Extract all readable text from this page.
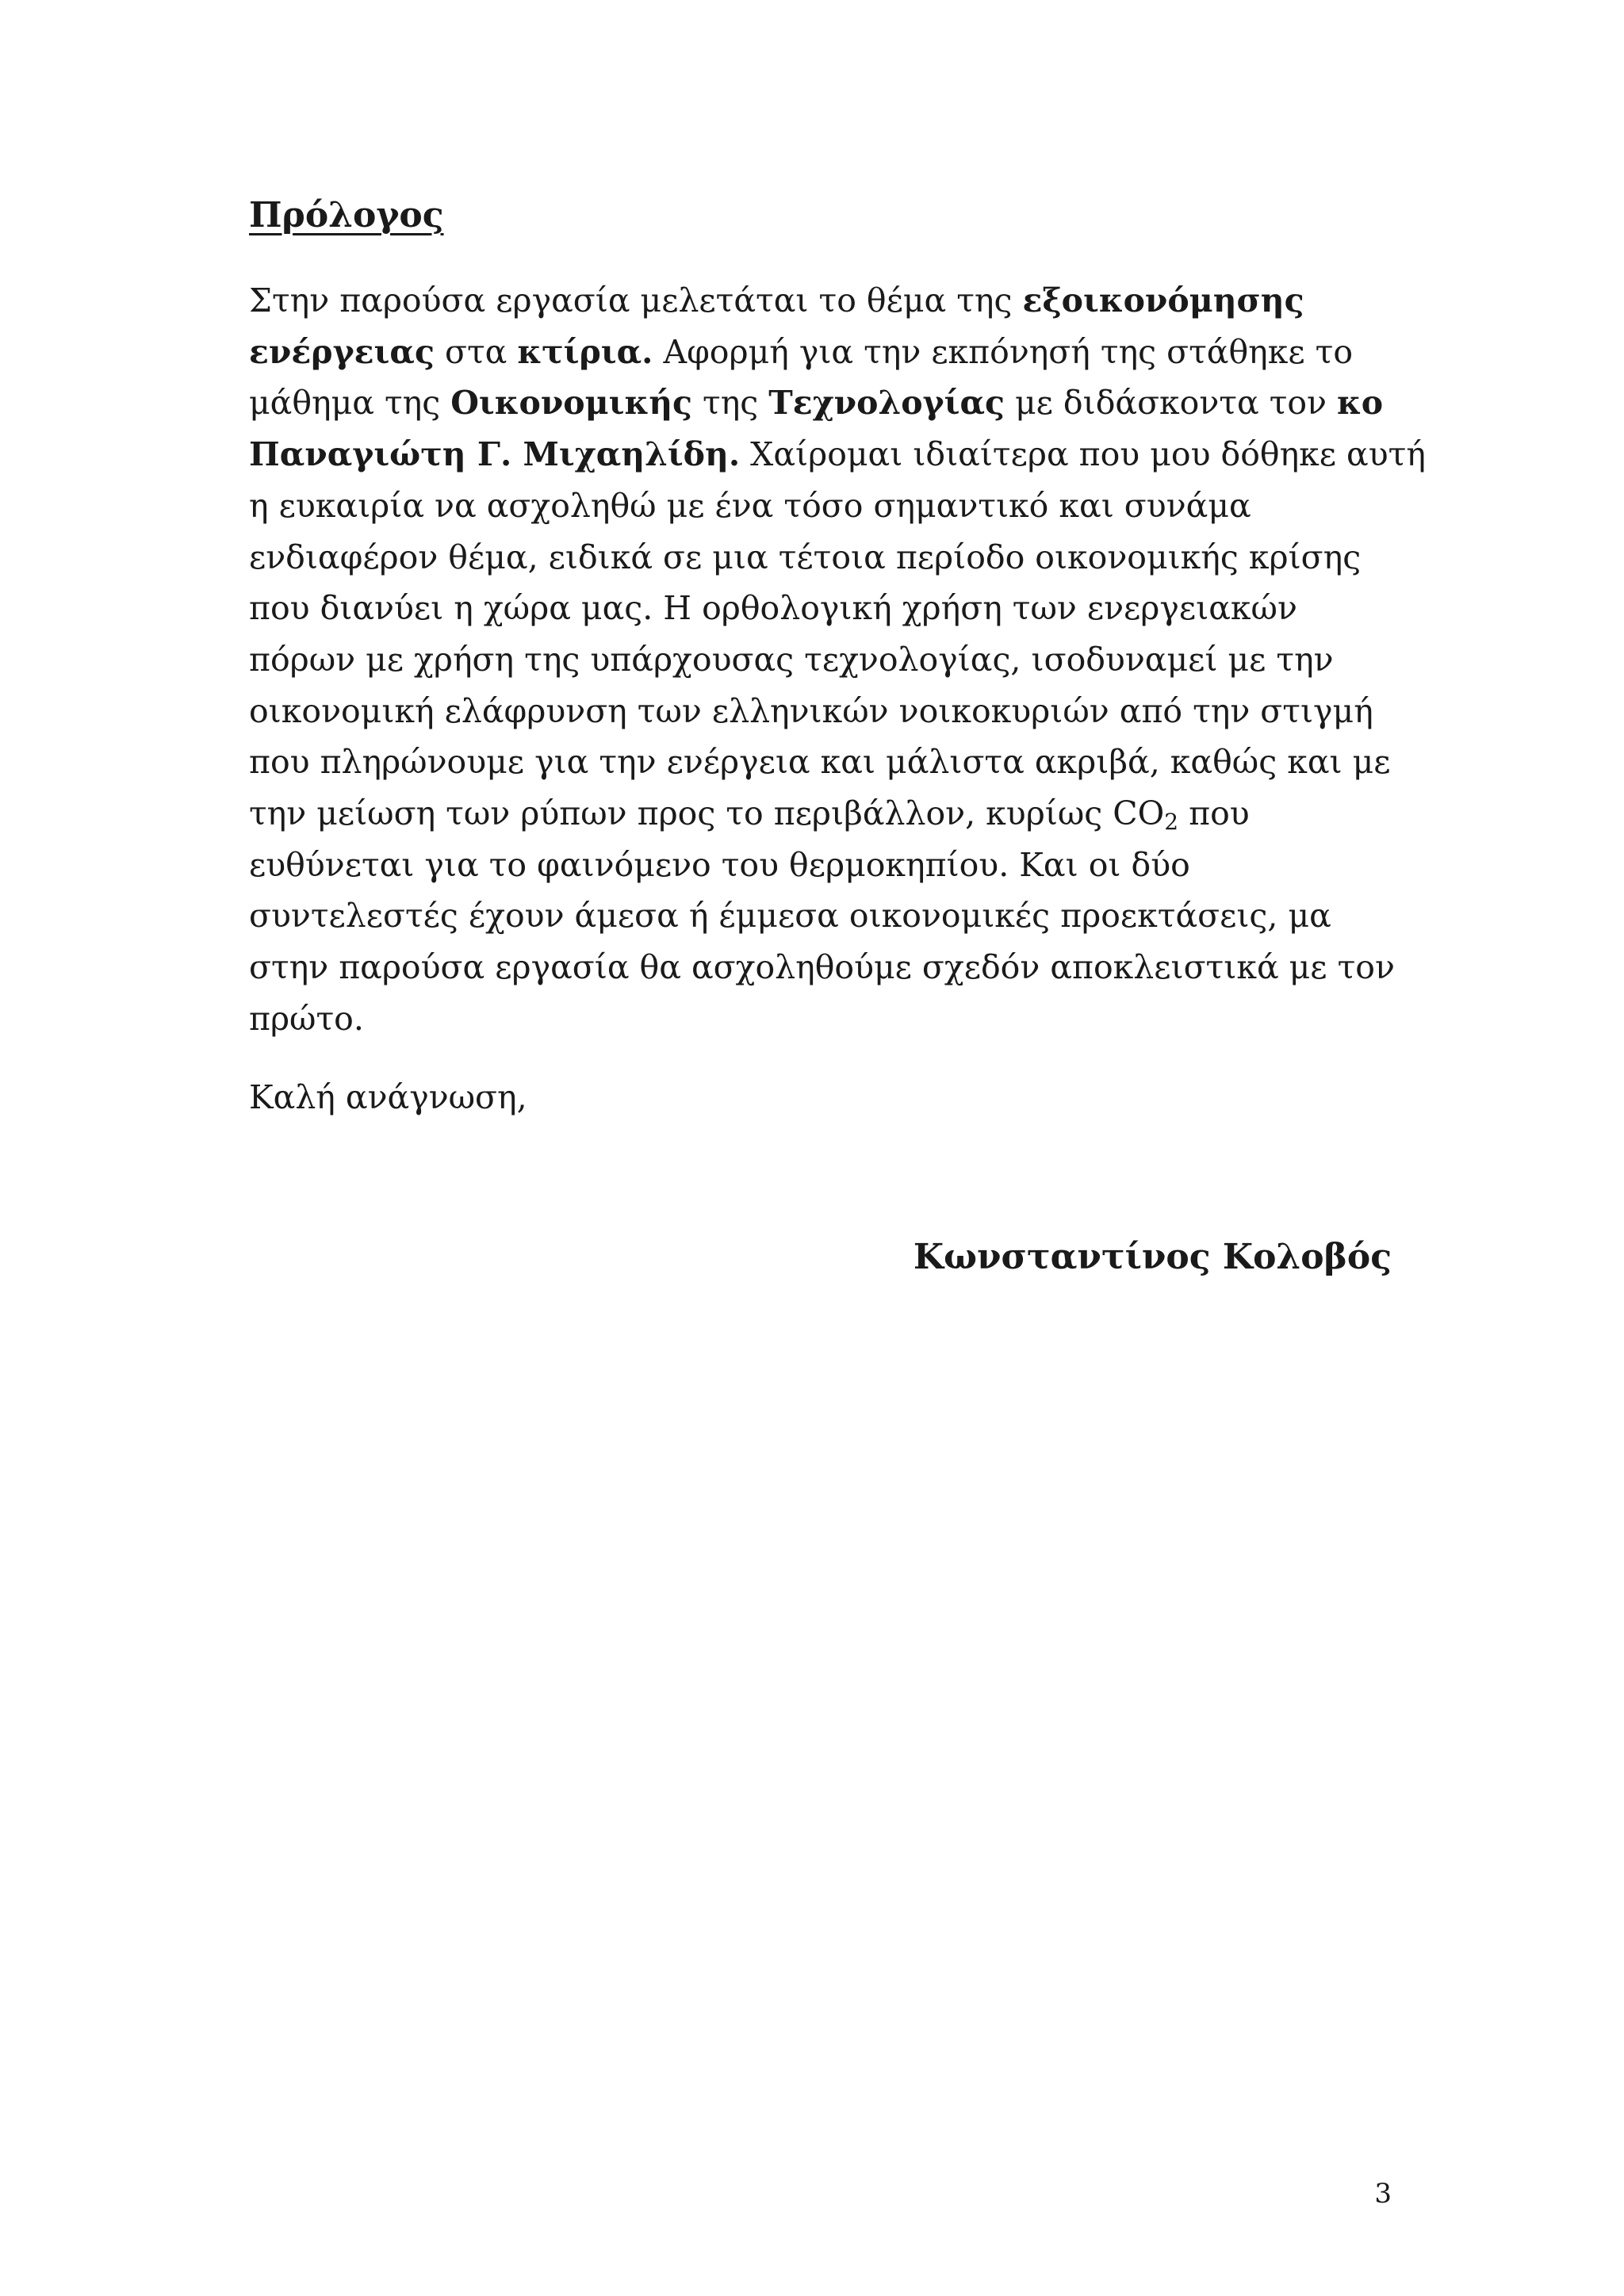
Πρόλογος

Στην παρούσα εργασία μελετάται το θέμα της εξοικονόμησης
ενέργειας στα κτίρια. Αφορμή για την εκπόνησή της στάθηκε το
μάθημα της Οικονομικής της Τεχνολογίας με διδάσκοντα τον κο
Παναγιώτη Γ. Μιχαηλίδη. Χαίρομαι ιδιαίτερα που μου δόθηκε αυτή
η ευκαιρία να ασχοληθώ με ένα τόσο σημαντικό και συνάμα
ενδιαφέρον θέμα, ειδικά σε μια τέτοια περίοδο οικονομικής κρίσης
που διανύει η χώρα μας. Η ορθολογική χρήση των ενεργειακών
πόρων με χρήση της υπάρχουσας τεχνολογίας, ισοδυναμεί με την
οικονομική ελάφρυνση των ελληνικών νοικοκυριών από την στιγμή
που πληρώνουμε για την ενέργεια και μάλιστα ακριβά, καθώς και με
την μείωση των ρύπων προς το περιβάλλον, κυρίως $CO_2$ που
ευθύνεται για το φαινόμενο του θερμοκηπίου. Και οι δύο
συντελεστές έχουν άμεσα ή έμμεσα οικονομικές προεκτάσεις, μα
στην παρούσα εργασία θα ασχοληθούμε σχεδόν αποκλειστικά με τον
πρώτο.

Καλή ανάγνωση,

Κωνσταντίνος Κολοβός

3
